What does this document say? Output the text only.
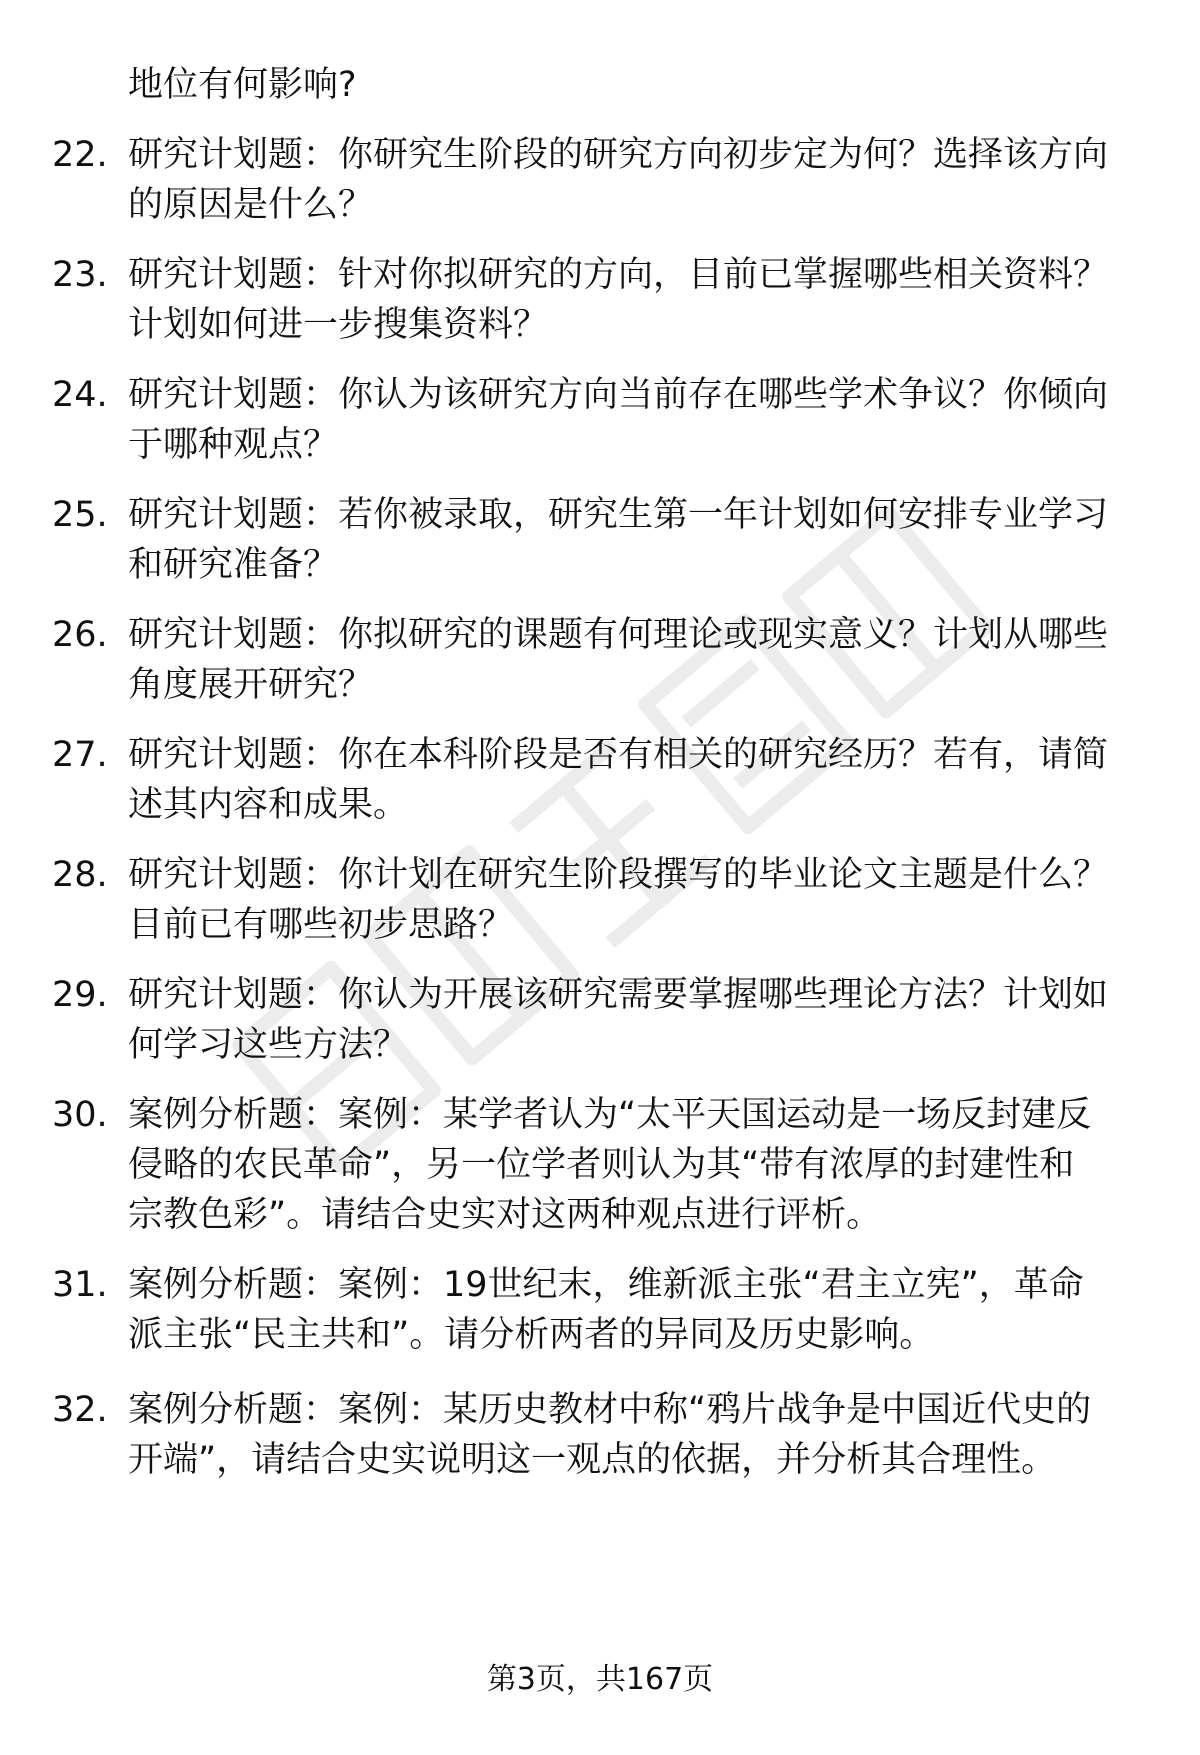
地位有何影响?
22. 研究计划题：你研究生阶段的研究方向初步定为何？选择该方向
的原因是什么？
23. 研究计划题：针对你拟研究的方向，目前已掌握哪些相关资料？
计划如何进一步搜集资料？
24. 研究计划题：你认为该研究方向当前存在哪些学术争议？你倾向
于哪种观点？
25. 研究计划题：若你被录取，研究生第一年计划如何安排专业学习
和研究准备？
26. 研究计划题：你拟研究的课题有何理论或现实意义？计划从哪些
角度展开研究？
27. 研究计划题：你在本科阶段是否有相关的研究经历？若有，请简
述其内容和成果。
28. 研究计划题：你计划在研究生阶段撰写的毕业论文主题是什么？
目前已有哪些初步思路？
29. 研究计划题：你认为开展该研究需要掌握哪些理论方法？计划如
何学习这些方法？
30. 案例分析题：案例：某学者认为“太平天国运动是一场反封建反
侵略的农民革命”，另一位学者则认为其“带有浓厚的封建性和
宗教色彩”。请结合史实对这两种观点进行评析。
31. 案例分析题：案例：19世纪末，维新派主张“君主立宪”，革命
派主张“民主共和”。请分析两者的异同及历史影响。
32. 案例分析题：案例：某历史教材中称“鸦片战争是中国近代史的
开端”，请结合史实说明这一观点的依据，并分析其合理性。
第3页，共167页
